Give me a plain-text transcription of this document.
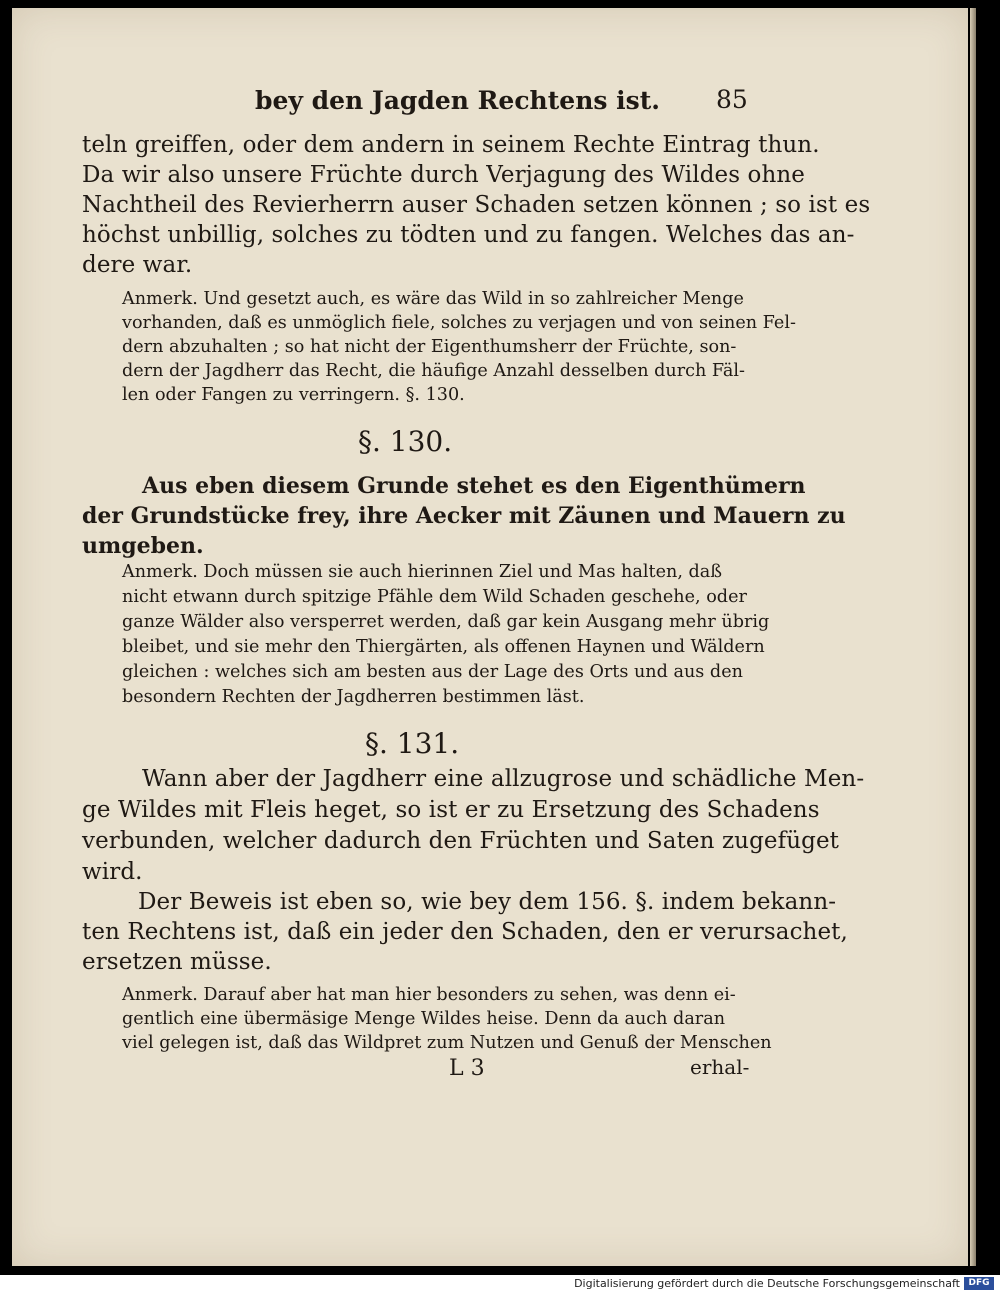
bey den Jagden Rechtens ist. 85
teln greiffen, oder dem andern in seinem Rechte Eintrag thun.
Da wir also unsere Früchte durch Verjagung des Wildes ohne
Nachtheil des Revierherrn auser Schaden setzen können ; so ist es
höchst unbillig, solches zu tödten und zu fangen. Welches das an-
dere war.
Anmerk. Und gesetzt auch, es wäre das Wild in so zahlreicher Menge
vorhanden, daß es unmöglich fiele, solches zu verjagen und von seinen Fel-
dern abzuhalten ; so hat nicht der Eigenthumsherr der Früchte, son-
dern der Jagdherr das Recht, die häufige Anzahl desselben durch Fäl-
len oder Fangen zu verringern. §. 130.
§. 130.
Aus eben diesem Grunde stehet es den Eigenthümern
der Grundstücke frey, ihre Aecker mit Zäunen und Mauern zu
umgeben.
Anmerk. Doch müssen sie auch hierinnen Ziel und Mas halten, daß
nicht etwann durch spitzige Pfähle dem Wild Schaden geschehe, oder
ganze Wälder also versperret werden, daß gar kein Ausgang mehr übrig
bleibet, und sie mehr den Thiergärten, als offenen Haynen und Wäldern
gleichen : welches sich am besten aus der Lage des Orts und aus den
besondern Rechten der Jagdherren bestimmen läst.
§. 131.
Wann aber der Jagdherr eine allzugrose und schädliche Men-
ge Wildes mit Fleis heget, so ist er zu Ersetzung des Schadens
verbunden, welcher dadurch den Früchten und Saten zugefüget
wird.
Der Beweis ist eben so, wie bey dem 156. §. indem bekann-
ten Rechtens ist, daß ein jeder den Schaden, den er verursachet,
ersetzen müsse.
Anmerk. Darauf aber hat man hier besonders zu sehen, was denn ei-
gentlich eine übermäsige Menge Wildes heise. Denn da auch daran
viel gelegen ist, daß das Wildpret zum Nutzen und Genuß der Menschen
L 3	erhal-
Digitalisierung gefördert durch die Deutsche Forschungsgemeinschaft DFG
